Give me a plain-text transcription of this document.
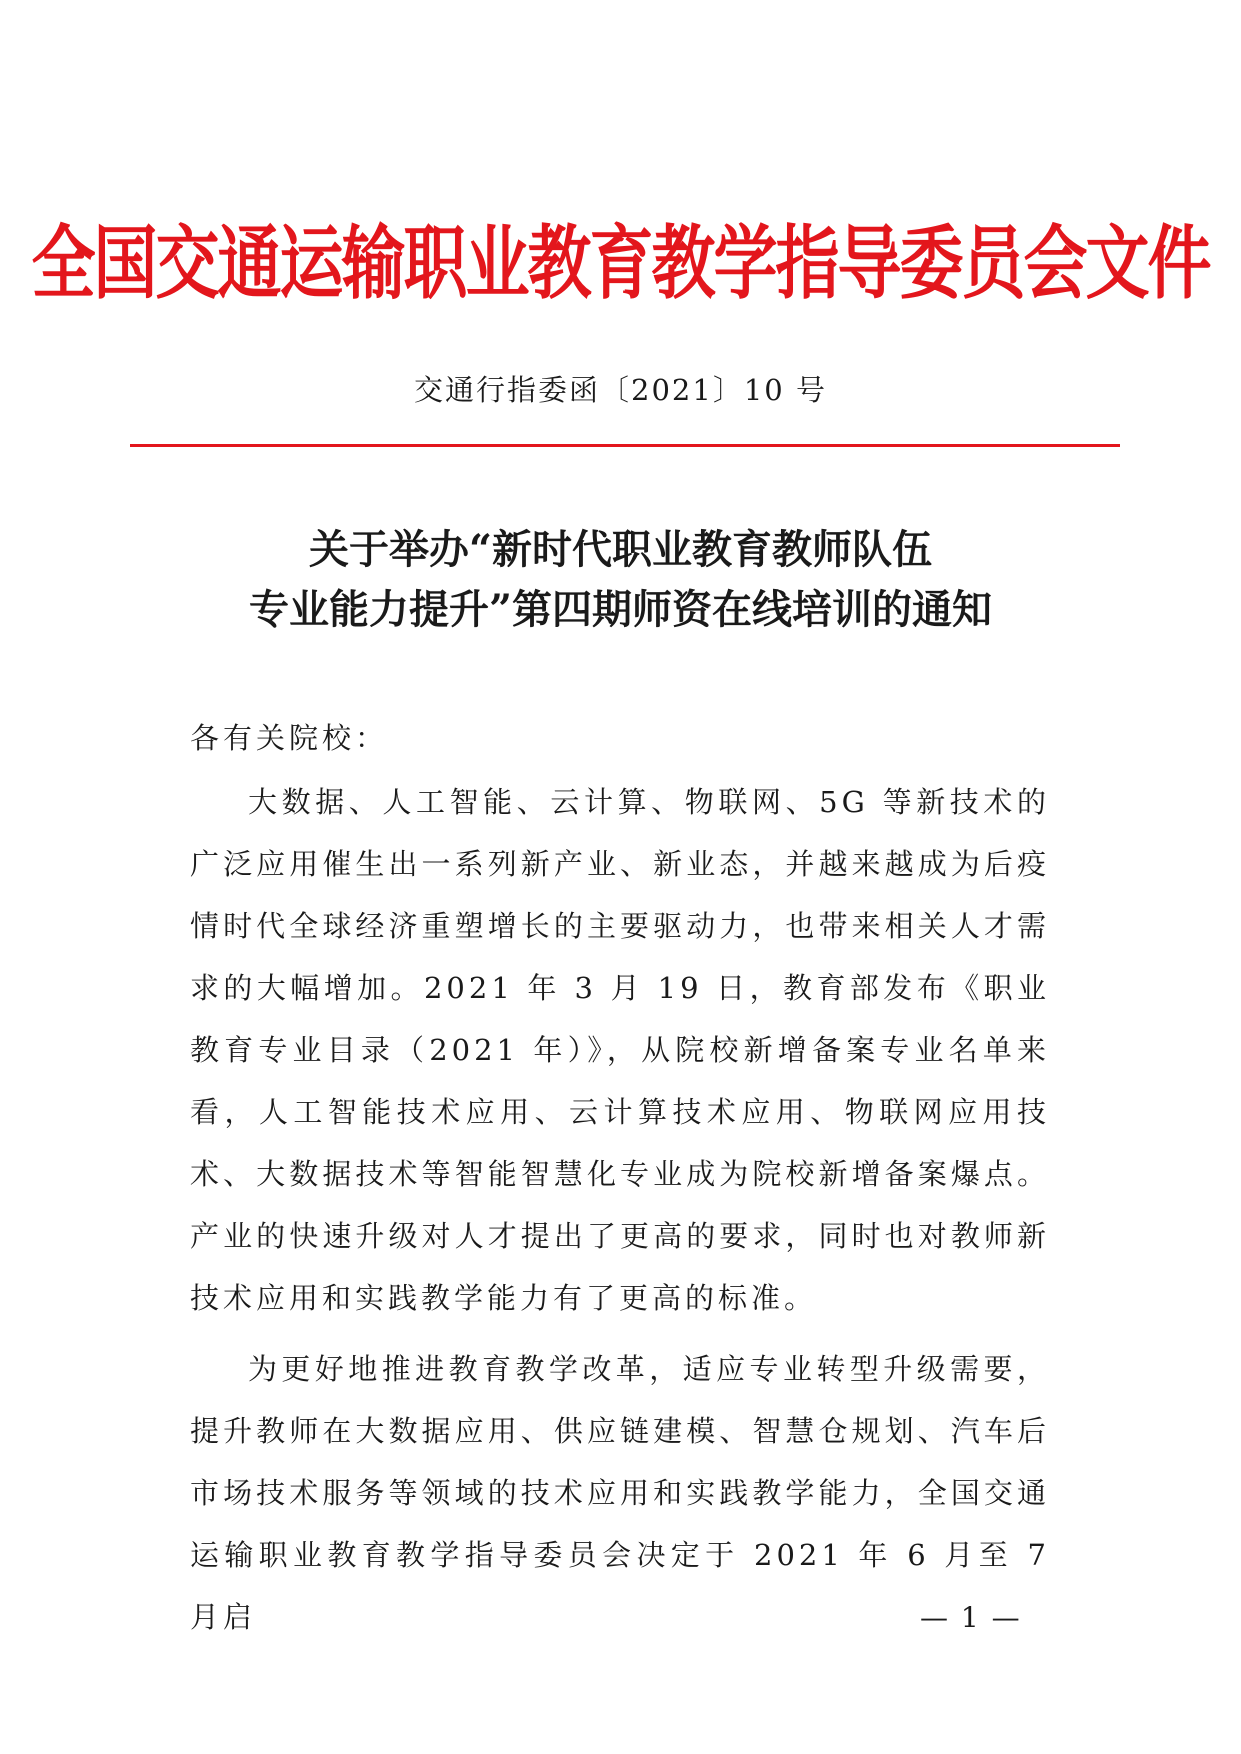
全国交通运输职业教育教学指导委员会文件
交通行指委函〔2021〕10 号
关于举办“新时代职业教育教师队伍
专业能力提升”第四期师资在线培训的通知
各有关院校：
大数据、人工智能、云计算、物联网、5G 等新技术的广泛应用催生出一系列新产业、新业态，并越来越成为后疫情时代全球经济重塑增长的主要驱动力，也带来相关人才需求的大幅增加。2021 年 3 月 19 日，教育部发布《职业教育专业目录（2021 年）》，从院校新增备案专业名单来看，人工智能技术应用、云计算技术应用、物联网应用技术、大数据技术等智能智慧化专业成为院校新增备案爆点。产业的快速升级对人才提出了更高的要求，同时也对教师新技术应用和实践教学能力有了更高的标准。
为更好地推进教育教学改革，适应专业转型升级需要，提升教师在大数据应用、供应链建模、智慧仓规划、汽车后市场技术服务等领域的技术应用和实践教学能力，全国交通运输职业教育教学指导委员会决定于 2021 年 6 月至 7 月启	— 1 —
